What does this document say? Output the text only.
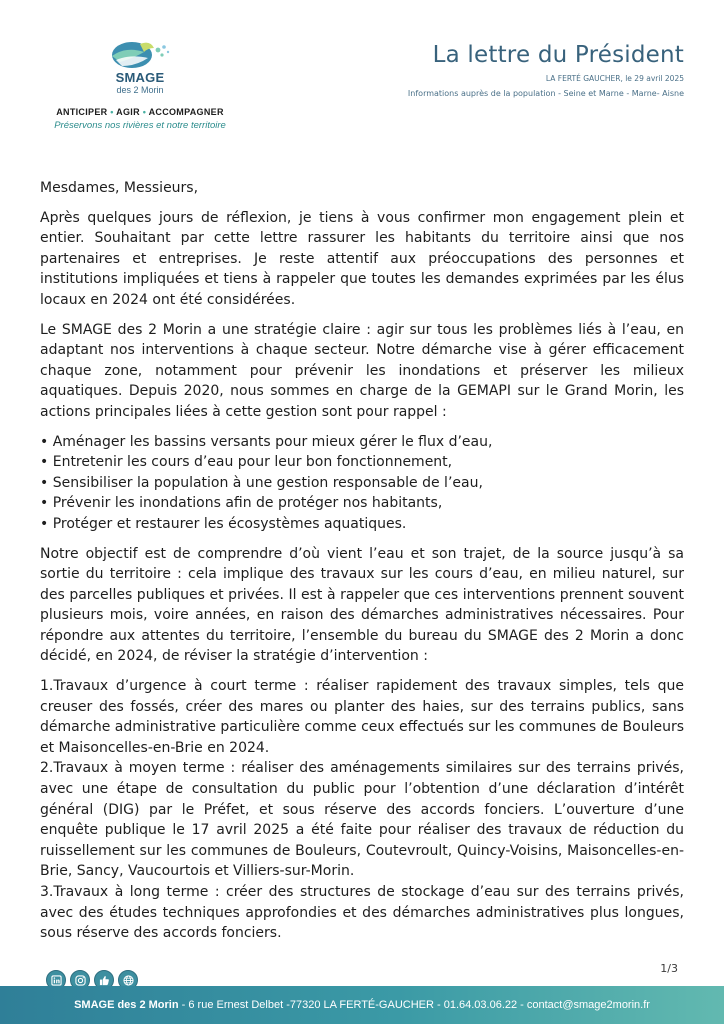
SMAGE
des 2 Morin
ANTICIPER • AGIR • ACCOMPAGNER
Préservons nos rivières et notre territoire
La lettre du Président
LA FERTÉ GAUCHER, le 29 avril 2025
Informations auprès de la population - Seine et Marne - Marne- Aisne

Mesdames, Messieurs,

Après quelques jours de réflexion, je tiens à vous confirmer mon engagement plein et entier. Souhaitant par cette lettre rassurer les habitants du territoire ainsi que nos partenaires et entreprises. Je reste attentif aux préoccupations des personnes et institutions impliquées et tiens à rappeler que toutes les demandes exprimées par les élus locaux en 2024 ont été considérées.

Le SMAGE des 2 Morin a une stratégie claire : agir sur tous les problèmes liés à l’eau, en adaptant nos interventions à chaque secteur. Notre démarche vise à gérer efficacement chaque zone, notamment pour prévenir les inondations et préserver les milieux aquatiques. Depuis 2020, nous sommes en charge de la GEMAPI sur le Grand Morin, les actions principales liées à cette gestion sont pour rappel :

• Aménager les bassins versants pour mieux gérer le flux d’eau,
• Entretenir les cours d’eau pour leur bon fonctionnement,
• Sensibiliser la population à une gestion responsable de l’eau,
• Prévenir les inondations afin de protéger nos habitants,
• Protéger et restaurer les écosystèmes aquatiques.

Notre objectif est de comprendre d’où vient l’eau et son trajet, de la source jusqu’à sa sortie du territoire : cela implique des travaux sur les cours d’eau, en milieu naturel, sur des parcelles publiques et privées. Il est à rappeler que ces interventions prennent souvent plusieurs mois, voire années, en raison des démarches administratives nécessaires. Pour répondre aux attentes du territoire, l’ensemble du bureau du SMAGE des 2 Morin a donc décidé, en 2024, de réviser la stratégie d’intervention :

1.Travaux d’urgence à court terme : réaliser rapidement des travaux simples, tels que creuser des fossés, créer des mares ou planter des haies, sur des terrains publics, sans démarche administrative particulière comme ceux effectués sur les communes de Bouleurs et Maisoncelles-en-Brie en 2024.

2.Travaux à moyen terme : réaliser des aménagements similaires sur des terrains privés, avec une étape de consultation du public pour l’obtention d’une déclaration d’intérêt général (DIG) par le Préfet, et sous réserve des accords fonciers. L’ouverture d’une enquête publique le 17 avril 2025 a été faite pour réaliser des travaux de réduction du ruissellement sur les communes de Bouleurs, Coutevroult, Quincy-Voisins, Maisoncelles-en-Brie, Sancy, Vaucourtois et Villiers-sur-Morin.

3.Travaux à long terme : créer des structures de stockage d’eau sur des terrains privés, avec des études techniques approfondies et des démarches administratives plus longues, sous réserve des accords fonciers.

1/3
SMAGE des 2 Morin - 6 rue Ernest Delbet -77320 LA FERTÉ-GAUCHER - 01.64.03.06.22 - contact@smage2morin.fr
